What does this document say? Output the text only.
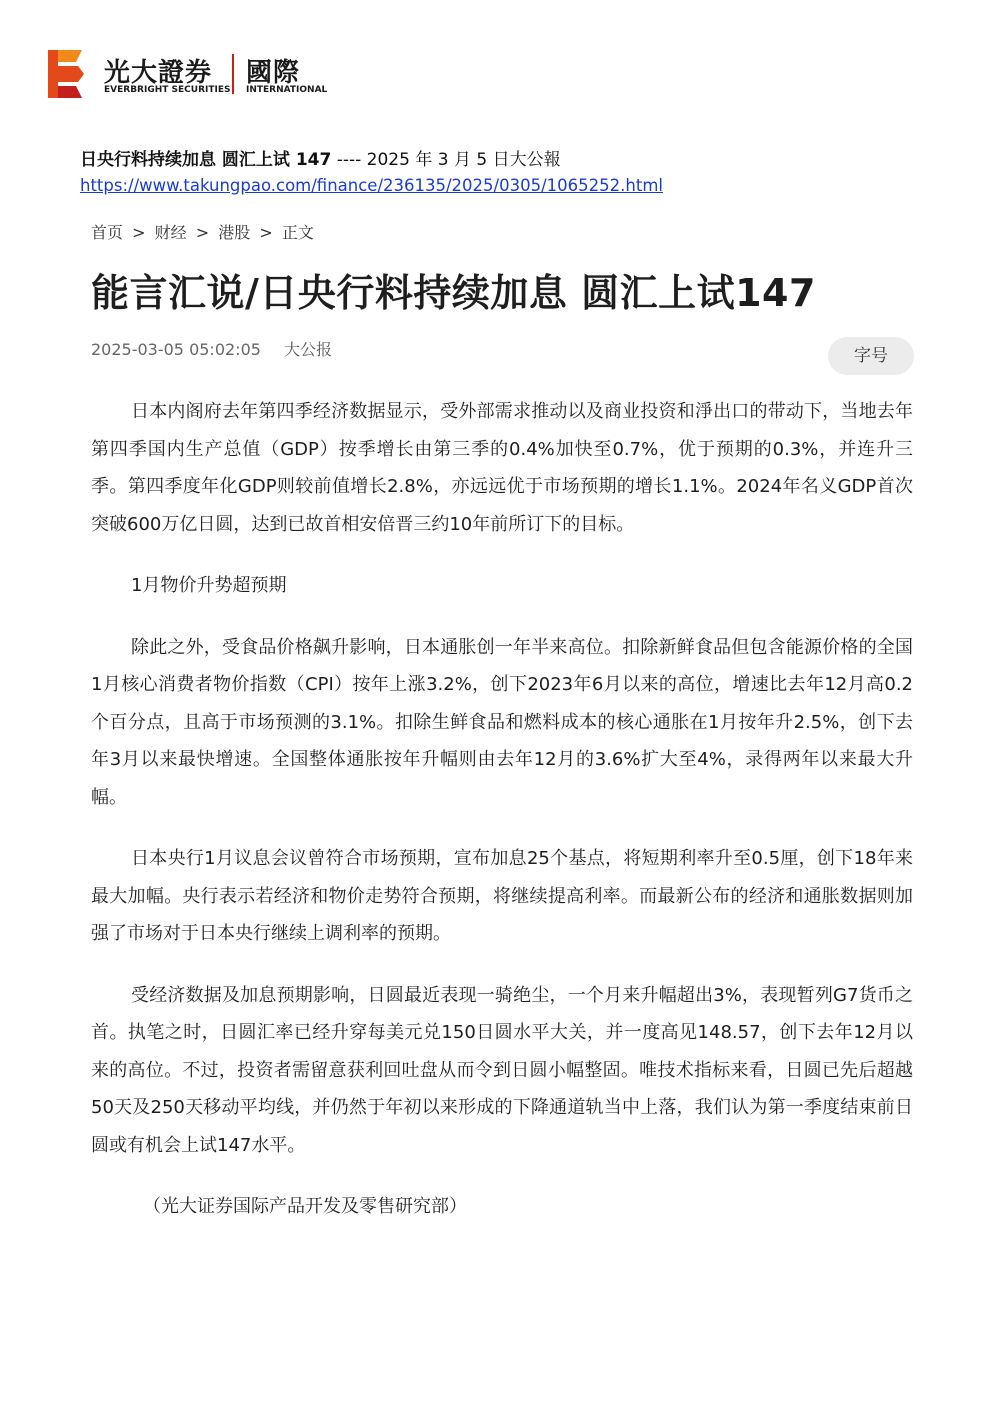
光大證券 國際
EVERBRIGHT SECURITIES INTERNATIONAL
日央行料持续加息 圆汇上试 147 ---- 2025 年 3 月 5 日大公報
https://www.takungpao.com/finance/236135/2025/0305/1065252.html
首页 > 财经 > 港股 > 正文
能言汇说/日央行料持续加息 圆汇上试147
2025-03-05 05:02:05 大公报	字号

日本内阁府去年第四季经济数据显示，受外部需求推动以及商业投资和淨出口的带动下，当地去年第四季国内生产总值（GDP）按季增长由第三季的0.4%加快至0.7%，优于预期的0.3%，并连升三季。第四季度年化GDP则较前值增长2.8%，亦远远优于市场预期的增长1.1%。2024年名义GDP首次突破600万亿日圆，达到已故首相安倍晋三约10年前所订下的目标。

1月物价升势超预期

除此之外，受食品价格飙升影响，日本通胀创一年半来高位。扣除新鲜食品但包含能源价格的全国1月核心消费者物价指数（CPI）按年上涨3.2%，创下2023年6月以来的高位，增速比去年12月高0.2个百分点，且高于市场预测的3.1%。扣除生鲜食品和燃料成本的核心通胀在1月按年升2.5%，创下去年3月以来最快增速。全国整体通胀按年升幅则由去年12月的3.6%扩大至4%，录得两年以来最大升幅。

日本央行1月议息会议曾符合市场预期，宣布加息25个基点，将短期利率升至0.5厘，创下18年来最大加幅。央行表示若经济和物价走势符合预期，将继续提高利率。而最新公布的经济和通胀数据则加强了市场对于日本央行继续上调利率的预期。

受经济数据及加息预期影响，日圆最近表现一骑绝尘，一个月来升幅超出3%，表现暂列G7货币之首。执笔之时，日圆汇率已经升穿每美元兑150日圆水平大关，并一度高见148.57，创下去年12月以来的高位。不过，投资者需留意获利回吐盘从而令到日圆小幅整固。唯技术指标来看，日圆已先后超越50天及250天移动平均线，并仍然于年初以来形成的下降通道轨当中上落，我们认为第一季度结束前日圆或有机会上试147水平。

（光大证券国际产品开发及零售研究部）
